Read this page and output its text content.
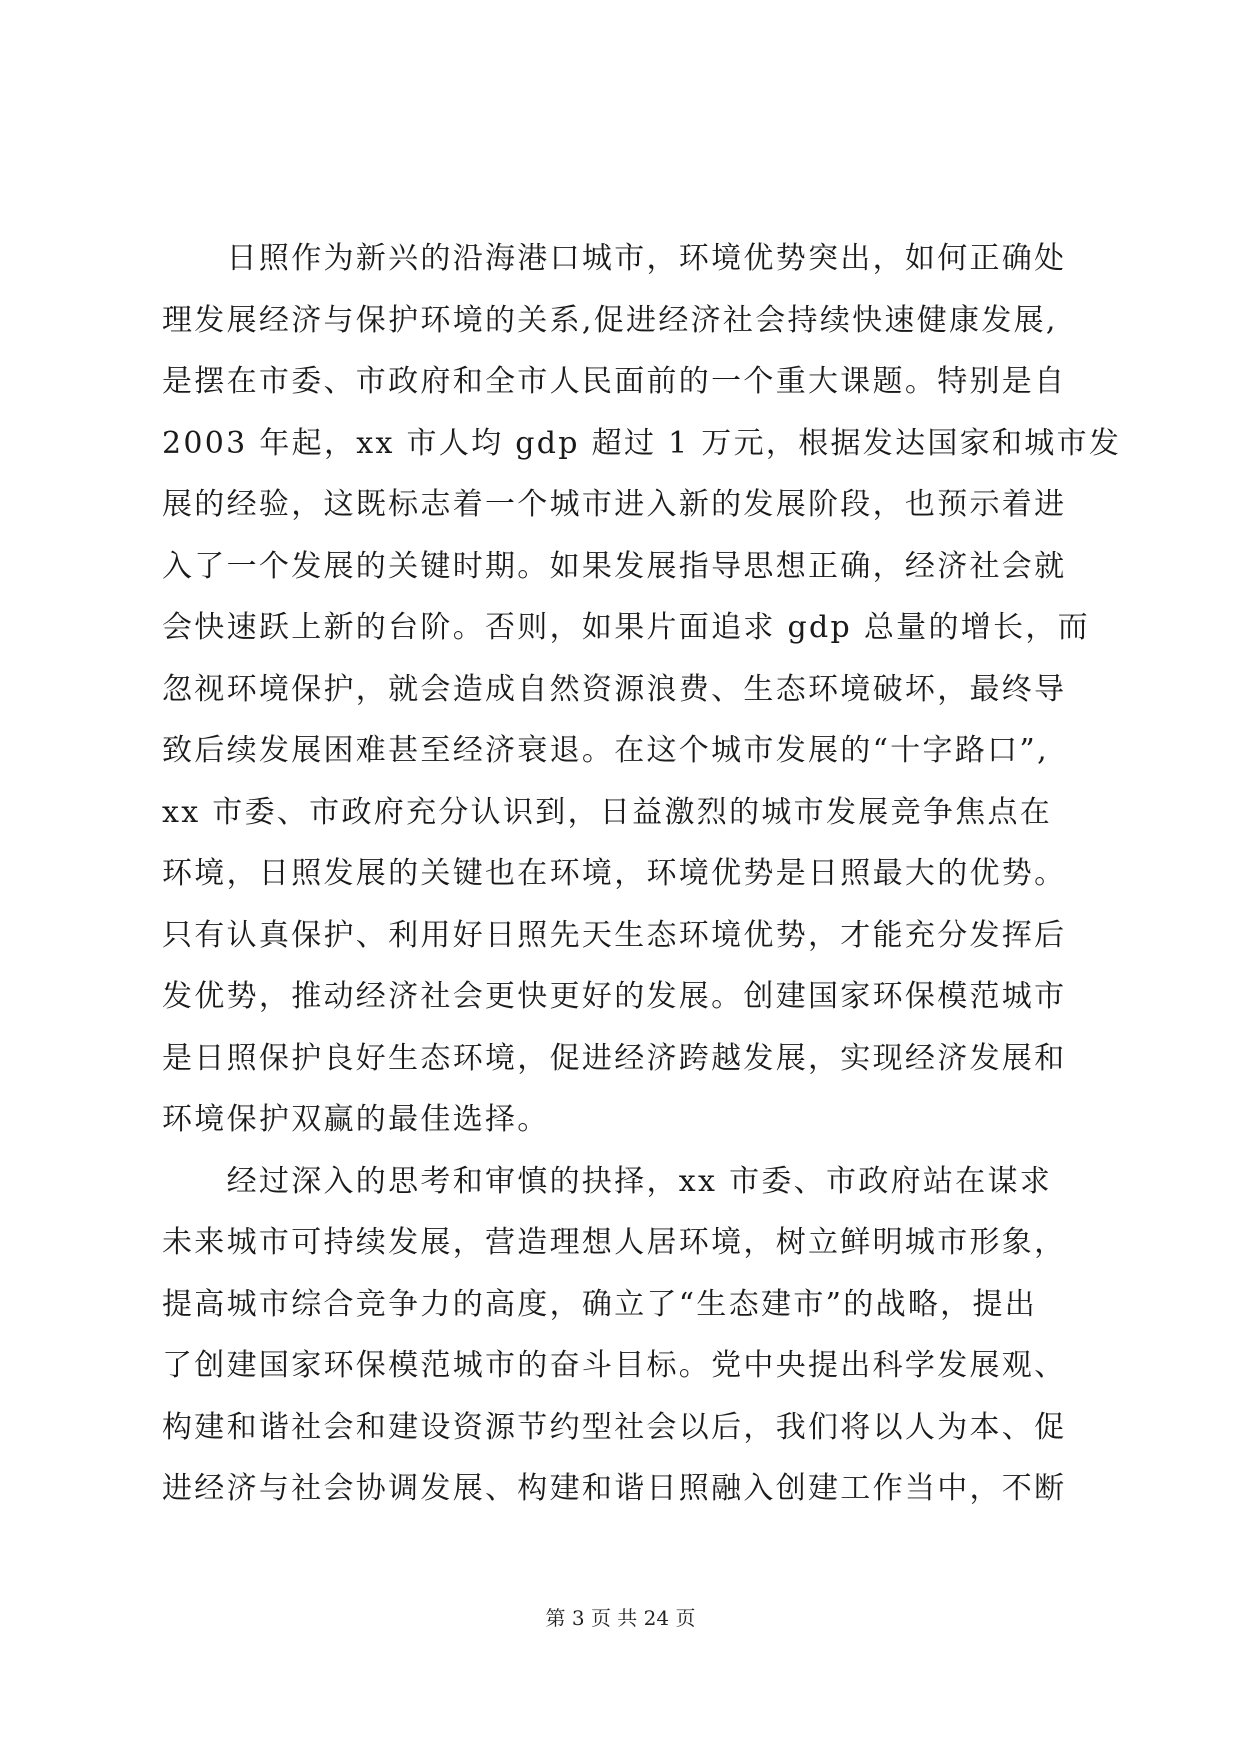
　　日照作为新兴的沿海港口城市，环境优势突出，如何正确处
理发展经济与保护环境的关系,促进经济社会持续快速健康发展,
是摆在市委、市政府和全市人民面前的一个重大课题。特别是自
2003 年起，xx 市人均 gdp 超过 1 万元，根据发达国家和城市发
展的经验，这既标志着一个城市进入新的发展阶段，也预示着进
入了一个发展的关键时期。如果发展指导思想正确，经济社会就
会快速跃上新的台阶。否则，如果片面追求 gdp 总量的增长，而
忽视环境保护，就会造成自然资源浪费、生态环境破坏，最终导
致后续发展困难甚至经济衰退。在这个城市发展的“十字路口”,
xx 市委、市政府充分认识到，日益激烈的城市发展竞争焦点在
环境，日照发展的关键也在环境，环境优势是日照最大的优势。
只有认真保护、利用好日照先天生态环境优势，才能充分发挥后
发优势，推动经济社会更快更好的发展。创建国家环保模范城市
是日照保护良好生态环境，促进经济跨越发展，实现经济发展和
环境保护双赢的最佳选择。
　　经过深入的思考和审慎的抉择，xx 市委、市政府站在谋求
未来城市可持续发展，营造理想人居环境，树立鲜明城市形象，
提高城市综合竞争力的高度，确立了“生态建市”的战略，提出
了创建国家环保模范城市的奋斗目标。党中央提出科学发展观、
构建和谐社会和建设资源节约型社会以后，我们将以人为本、促
进经济与社会协调发展、构建和谐日照融入创建工作当中，不断
第 3 页 共 24 页
